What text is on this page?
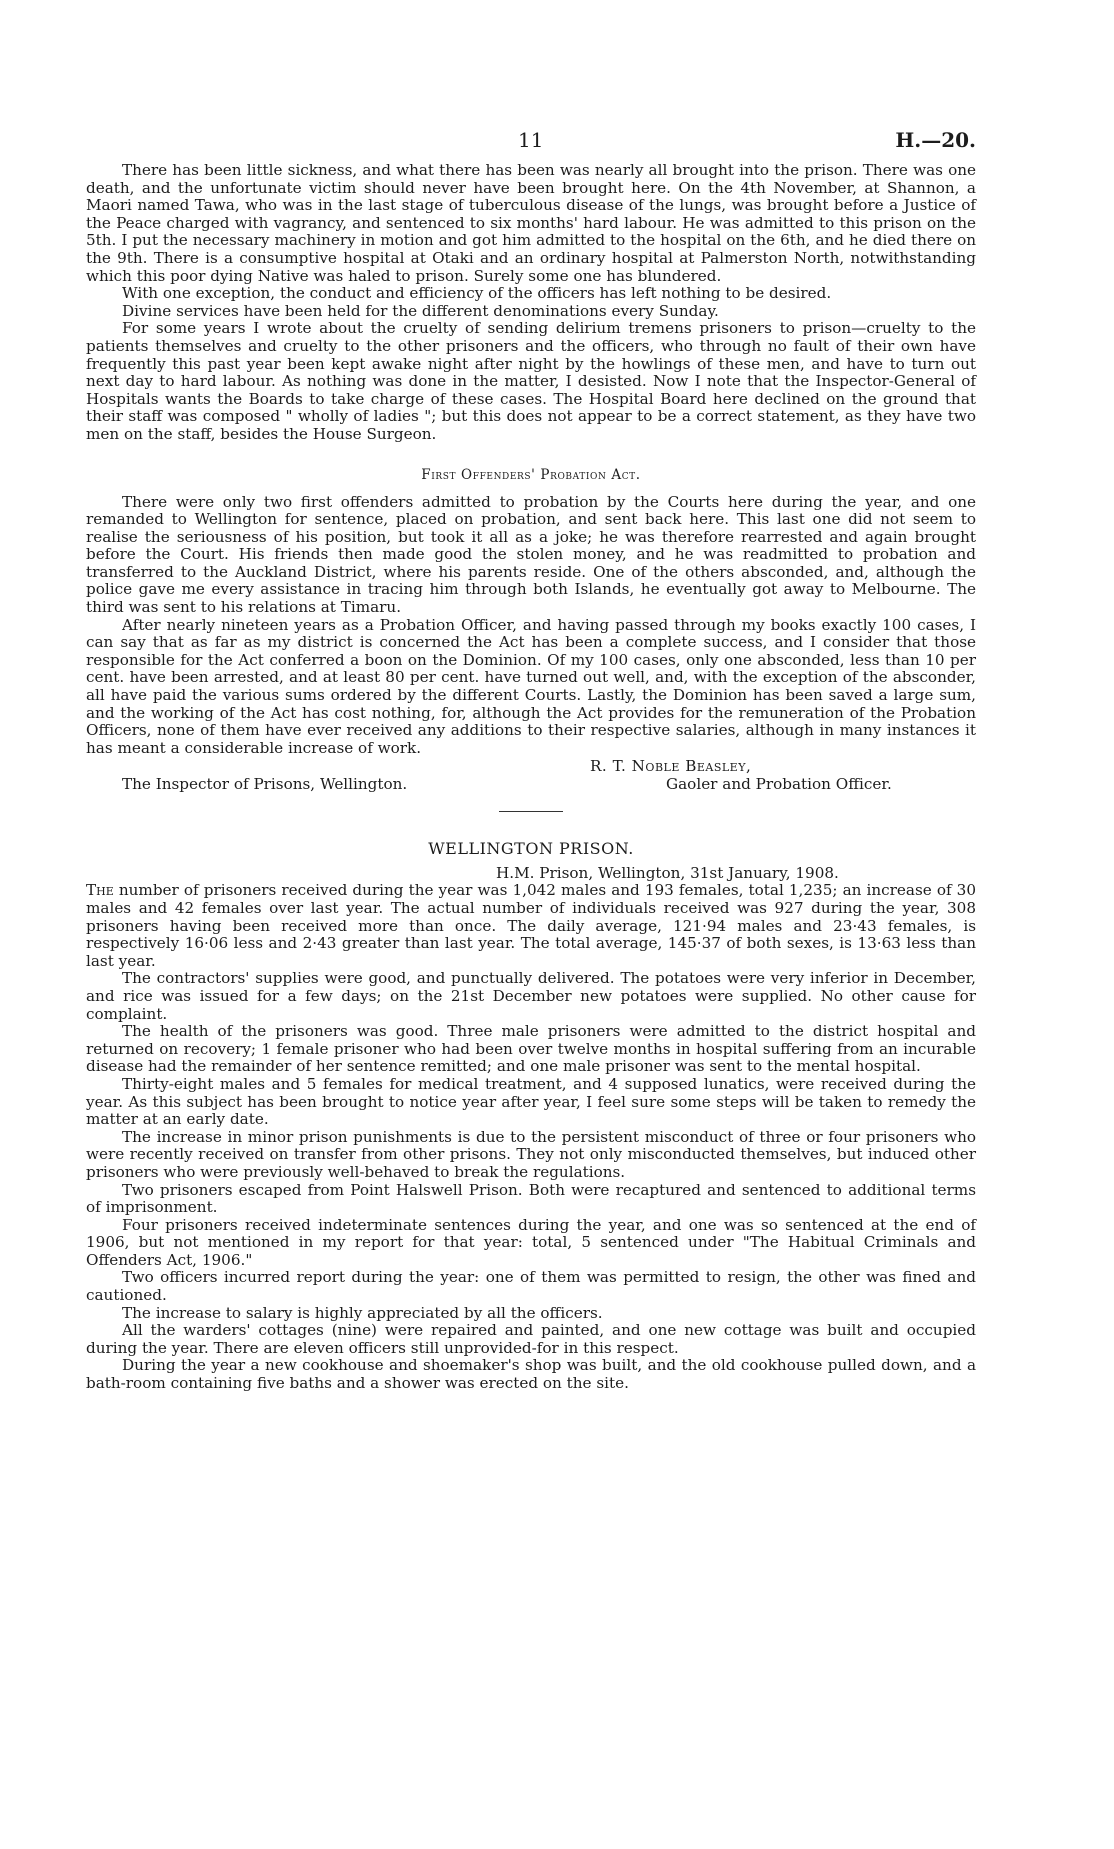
11	H.—20.

There has been little sickness, and what there has been was nearly all brought into the prison. There was one death, and the unfortunate victim should never have been brought here. On the 4th November, at Shannon, a Maori named Tawa, who was in the last stage of tuberculous disease of the lungs, was brought before a Justice of the Peace charged with vagrancy, and sentenced to six months' hard labour. He was admitted to this prison on the 5th. I put the necessary machinery in motion and got him admitted to the hospital on the 6th, and he died there on the 9th. There is a consumptive hospital at Otaki and an ordinary hospital at Palmerston North, notwithstanding which this poor dying Native was haled to prison. Surely some one has blundered.

With one exception, the conduct and efficiency of the officers has left nothing to be desired.

Divine services have been held for the different denominations every Sunday.

For some years I wrote about the cruelty of sending delirium tremens prisoners to prison—cruelty to the patients themselves and cruelty to the other prisoners and the officers, who through no fault of their own have frequently this past year been kept awake night after night by the howlings of these men, and have to turn out next day to hard labour. As nothing was done in the matter, I desisted. Now I note that the Inspector-General of Hospitals wants the Boards to take charge of these cases. The Hospital Board here declined on the ground that their staff was composed " wholly of ladies "; but this does not appear to be a correct statement, as they have two men on the staff, besides the House Surgeon.

First Offenders' Probation Act.

There were only two first offenders admitted to probation by the Courts here during the year, and one remanded to Wellington for sentence, placed on probation, and sent back here. This last one did not seem to realise the seriousness of his position, but took it all as a joke; he was therefore rearrested and again brought before the Court. His friends then made good the stolen money, and he was readmitted to probation and transferred to the Auckland District, where his parents reside. One of the others absconded, and, although the police gave me every assistance in tracing him through both Islands, he eventually got away to Melbourne. The third was sent to his relations at Timaru.

After nearly nineteen years as a Probation Officer, and having passed through my books exactly 100 cases, I can say that as far as my district is concerned the Act has been a complete success, and I consider that those responsible for the Act conferred a boon on the Dominion. Of my 100 cases, only one absconded, less than 10 per cent. have been arrested, and at least 80 per cent. have turned out well, and, with the exception of the absconder, all have paid the various sums ordered by the different Courts. Lastly, the Dominion has been saved a large sum, and the working of the Act has cost nothing, for, although the Act provides for the remuneration of the Probation Officers, none of them have ever received any additions to their respective salaries, although in many instances it has meant a considerable increase of work.

R. T. Noble Beasley,
The Inspector of Prisons, Wellington.	Gaoler and Probation Officer.
WELLINGTON PRISON.
H.M. Prison, Wellington, 31st January, 1908.

The number of prisoners received during the year was 1,042 males and 193 females, total 1,235; an increase of 30 males and 42 females over last year. The actual number of individuals received was 927 during the year, 308 prisoners having been received more than once. The daily average, 121·94 males and 23·43 females, is respectively 16·06 less and 2·43 greater than last year. The total average, 145·37 of both sexes, is 13·63 less than last year.

The contractors' supplies were good, and punctually delivered. The potatoes were very inferior in December, and rice was issued for a few days; on the 21st December new potatoes were supplied. No other cause for complaint.

The health of the prisoners was good. Three male prisoners were admitted to the district hospital and returned on recovery; 1 female prisoner who had been over twelve months in hospital suffering from an incurable disease had the remainder of her sentence remitted; and one male prisoner was sent to the mental hospital.

Thirty-eight males and 5 females for medical treatment, and 4 supposed lunatics, were received during the year. As this subject has been brought to notice year after year, I feel sure some steps will be taken to remedy the matter at an early date.

The increase in minor prison punishments is due to the persistent misconduct of three or four prisoners who were recently received on transfer from other prisons. They not only misconducted themselves, but induced other prisoners who were previously well-behaved to break the regulations.

Two prisoners escaped from Point Halswell Prison. Both were recaptured and sentenced to additional terms of imprisonment.

Four prisoners received indeterminate sentences during the year, and one was so sentenced at the end of 1906, but not mentioned in my report for that year: total, 5 sentenced under "The Habitual Criminals and Offenders Act, 1906."

Two officers incurred report during the year: one of them was permitted to resign, the other was fined and cautioned.

The increase to salary is highly appreciated by all the officers.

All the warders' cottages (nine) were repaired and painted, and one new cottage was built and occupied during the year. There are eleven officers still unprovided-for in this respect.

During the year a new cookhouse and shoemaker's shop was built, and the old cookhouse pulled down, and a bath-room containing five baths and a shower was erected on the site.
